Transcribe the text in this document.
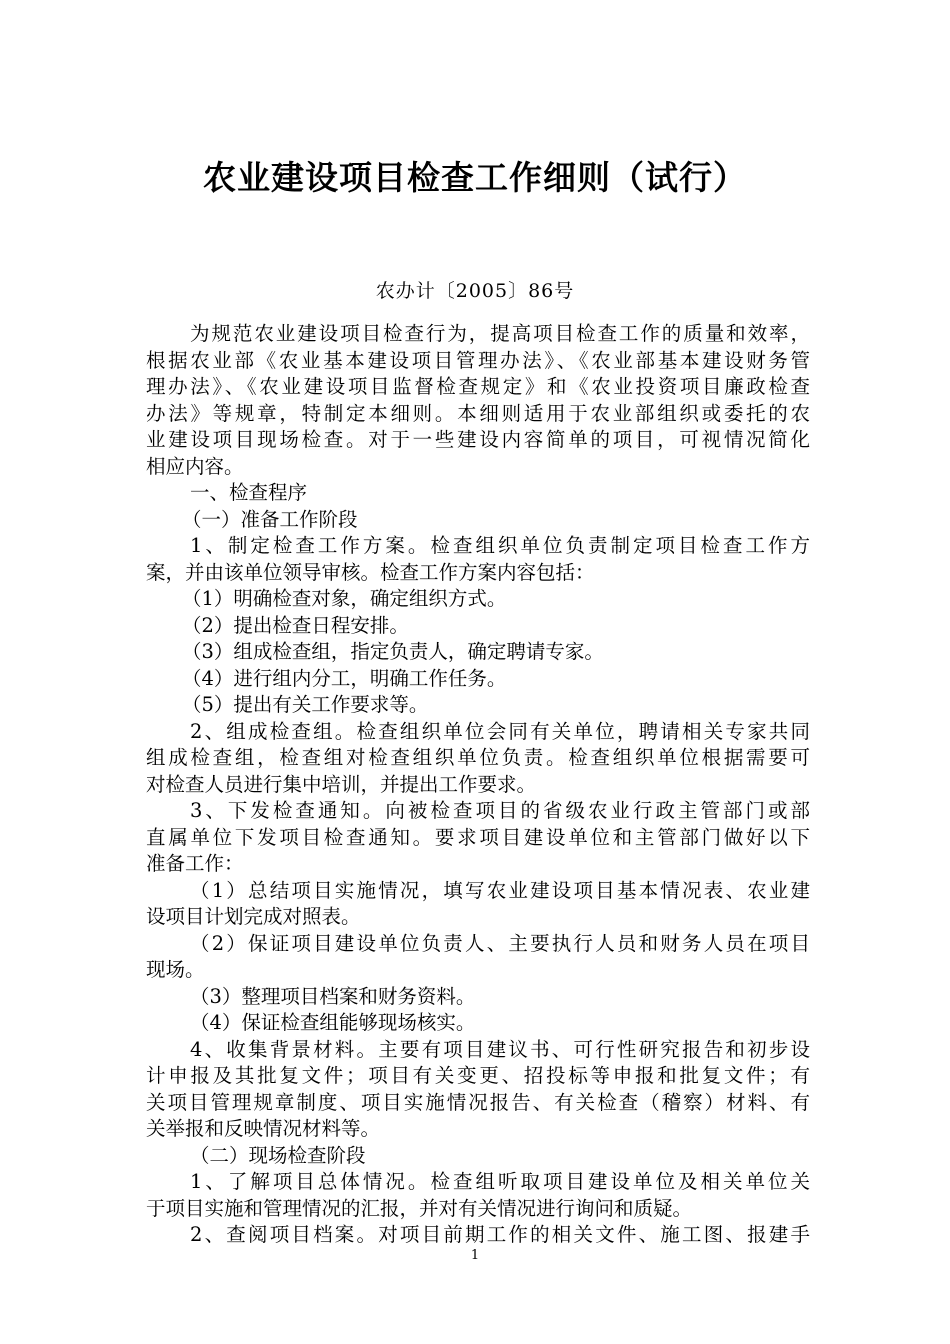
农业建设项目检查工作细则（试行）
农办计〔2005〕86号
为规范农业建设项目检查行为，提高项目检查工作的质量和效率，
根据农业部《农业基本建设项目管理办法》、《农业部基本建设财务管
理办法》、《农业建设项目监督检查规定》和《农业投资项目廉政检查
办法》等规章，特制定本细则。本细则适用于农业部组织或委托的农
业建设项目现场检查。对于一些建设内容简单的项目，可视情况简化
相应内容。
一、检查程序
（一）准备工作阶段
1、制定检查工作方案。检查组织单位负责制定项目检查工作方
案，并由该单位领导审核。检查工作方案内容包括：
（1）明确检查对象，确定组织方式。
（2）提出检查日程安排。
（3）组成检查组，指定负责人，确定聘请专家。
（4）进行组内分工，明确工作任务。
（5）提出有关工作要求等。
2、组成检查组。检查组织单位会同有关单位，聘请相关专家共同
组成检查组，检查组对检查组织单位负责。检查组织单位根据需要可
对检查人员进行集中培训，并提出工作要求。
3、下发检查通知。向被检查项目的省级农业行政主管部门或部
直属单位下发项目检查通知。要求项目建设单位和主管部门做好以下
准备工作：
（1）总结项目实施情况，填写农业建设项目基本情况表、农业建
设项目计划完成对照表。
（2）保证项目建设单位负责人、主要执行人员和财务人员在项目
现场。
（3）整理项目档案和财务资料。
（4）保证检查组能够现场核实。
4、收集背景材料。主要有项目建议书、可行性研究报告和初步设
计申报及其批复文件；项目有关变更、招投标等申报和批复文件；有
关项目管理规章制度、项目实施情况报告、有关检查（稽察）材料、有
关举报和反映情况材料等。
（二）现场检查阶段
1、了解项目总体情况。检查组听取项目建设单位及相关单位关
于项目实施和管理情况的汇报，并对有关情况进行询问和质疑。
2、查阅项目档案。对项目前期工作的相关文件、施工图、报建手
1
